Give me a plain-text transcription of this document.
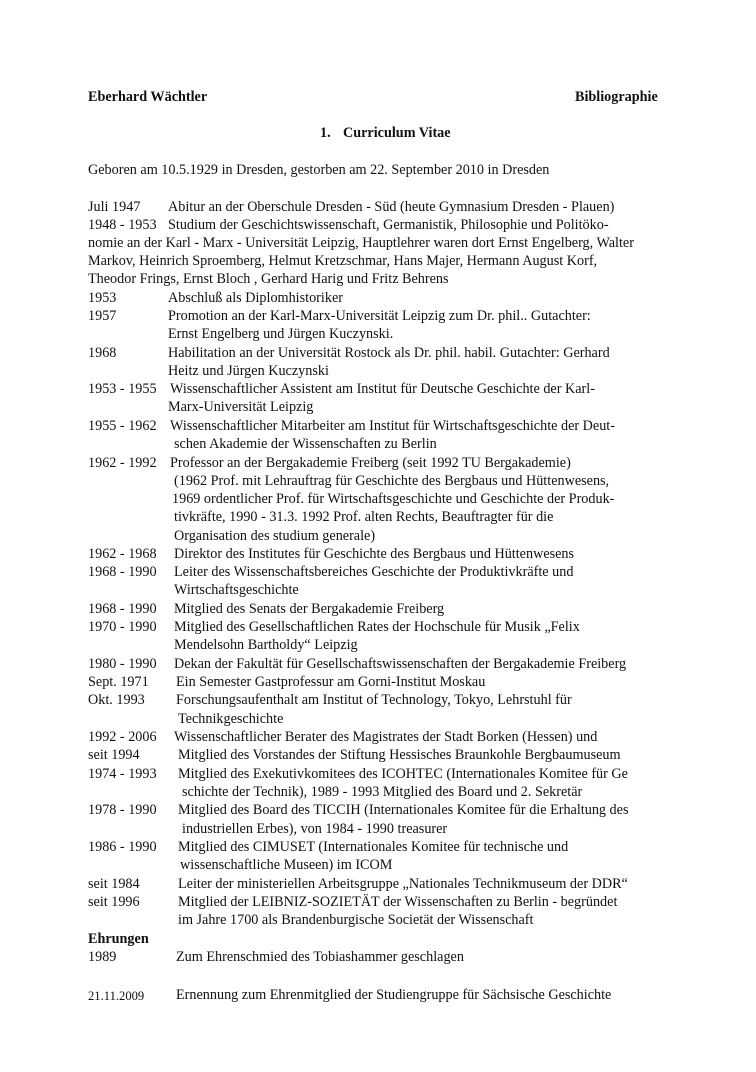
Eberhard Wächtler	Bibliographie
1. Curriculum Vitae
Geboren am 10.5.1929 in Dresden, gestorben am 22. September 2010 in Dresden
Juli 1947 Abitur an der Oberschule Dresden - Süd (heute Gymnasium Dresden - Plauen)
1948 - 1953 Studium der Geschichtswissenschaft, Germanistik, Philosophie und Politöko-
nomie an der Karl - Marx - Universität Leipzig, Hauptlehrer waren dort Ernst Engelberg, Walter
Markov, Heinrich Sproemberg, Helmut Kretzschmar, Hans Majer, Hermann August Korf,
Theodor Frings, Ernst Bloch , Gerhard Harig und Fritz Behrens
1953	Abschluß als Diplomhistoriker
1957	Promotion an der Karl-Marx-Universität Leipzig zum Dr. phil.. Gutachter:
Ernst Engelberg und Jürgen Kuczynski.
1968	Habilitation an der Universität Rostock als Dr. phil. habil. Gutachter: Gerhard
Heitz und Jürgen Kuczynski
1953 - 1955 Wissenschaftlicher Assistent am Institut für Deutsche Geschichte der Karl-
Marx-Universität Leipzig
1955 - 1962 Wissenschaftlicher Mitarbeiter am Institut für Wirtschaftsgeschichte der Deut-
schen Akademie der Wissenschaften zu Berlin
1962 - 1992 Professor an der Bergakademie Freiberg (seit 1992 TU Bergakademie)
(1962 Prof. mit Lehrauftrag für Geschichte des Bergbaus und Hüttenwesens,
1969 ordentlicher Prof. für Wirtschaftsgeschichte und Geschichte der Produk-
tivkräfte, 1990 - 31.3. 1992 Prof. alten Rechts, Beauftragter für die
Organisation des studium generale)
1962 - 1968 Direktor des Institutes für Geschichte des Bergbaus und Hüttenwesens
1968 - 1990 Leiter des Wissenschaftsbereiches Geschichte der Produktivkräfte und
Wirtschaftsgeschichte
1968 - 1990 Mitglied des Senats der Bergakademie Freiberg
1970 - 1990 Mitglied des Gesellschaftlichen Rates der Hochschule für Musik „Felix
Mendelsohn Bartholdy“ Leipzig
1980 - 1990 Dekan der Fakultät für Gesellschaftswissenschaften der Bergakademie Freiberg
Sept. 1971 Ein Semester Gastprofessur am Gorni-Institut Moskau
Okt. 1993 Forschungsaufenthalt am Institut of Technology, Tokyo, Lehrstuhl für
Technikgeschichte
1992 - 2006 Wissenschaftlicher Berater des Magistrates der Stadt Borken (Hessen) und
seit 1994	Mitglied des Vorstandes der Stiftung Hessisches Braunkohle Bergbaumuseum
1974 - 1993 Mitglied des Exekutivkomitees des ICOHTEC (Internationales Komitee für Ge
schichte der Technik), 1989 - 1993 Mitglied des Board und 2. Sekretär
1978 - 1990 Mitglied des Board des TICCIH (Internationales Komitee für die Erhaltung des
industriellen Erbes), von 1984 - 1990 treasurer
1986 - 1990 Mitglied des CIMUSET (Internationales Komitee für technische und
wissenschaftliche Museen) im ICOM
seit 1984	Leiter der ministeriellen Arbeitsgruppe „Nationales Technikmuseum der DDR“
seit 1996	Mitglied der LEIBNIZ-SOZIETÄT der Wissenschaften zu Berlin - begründet
im Jahre 1700 als Brandenburgische Societät der Wissenschaft
Ehrungen
1989	Zum Ehrenschmied des Tobiashammer geschlagen
21.11.2009 Ernennung zum Ehrenmitglied der Studiengruppe für Sächsische Geschichte
